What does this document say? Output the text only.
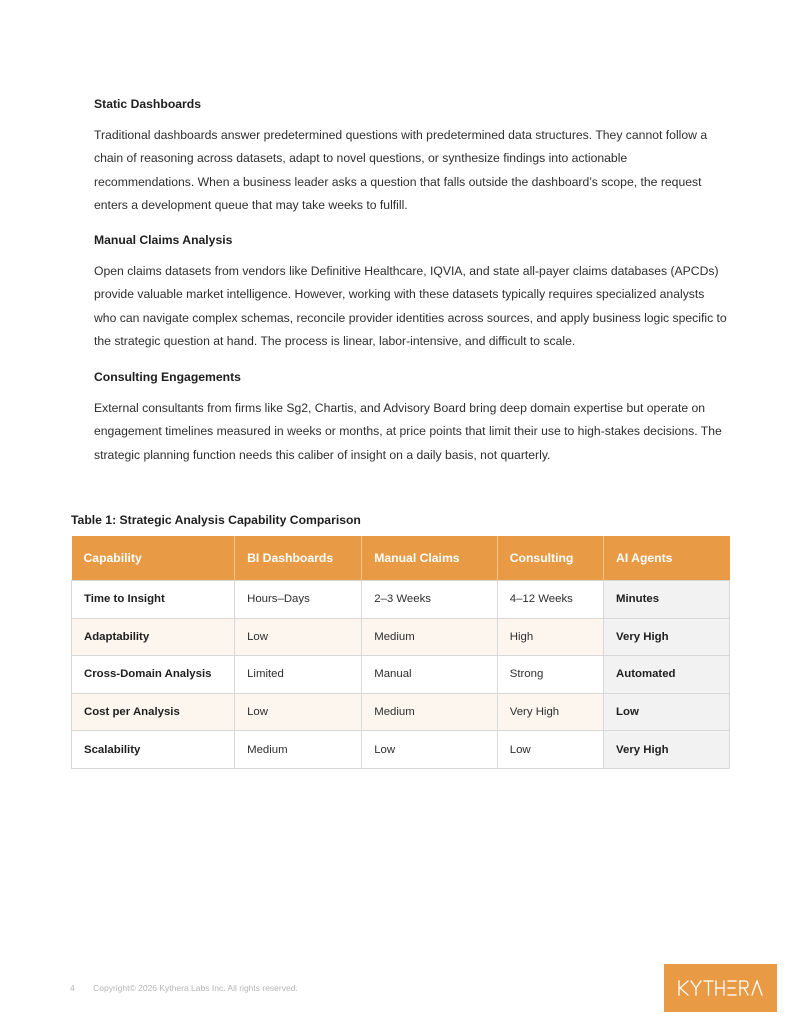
Static Dashboards

Traditional dashboards answer predetermined questions with predetermined data structures. They cannot follow a chain of reasoning across datasets, adapt to novel questions, or synthesize findings into actionable recommendations. When a business leader asks a question that falls outside the dashboard’s scope, the request enters a development queue that may take weeks to fulfill.

Manual Claims Analysis

Open claims datasets from vendors like Definitive Healthcare, IQVIA, and state all-payer claims databases (APCDs) provide valuable market intelligence. However, working with these datasets typically requires specialized analysts who can navigate complex schemas, reconcile provider identities across sources, and apply business logic specific to the strategic question at hand. The process is linear, labor-intensive, and difficult to scale.

Consulting Engagements

External consultants from firms like Sg2, Chartis, and Advisory Board bring deep domain expertise but operate on engagement timelines measured in weeks or months, at price points that limit their use to high-stakes decisions. The strategic planning function needs this caliber of insight on a daily basis, not quarterly.

Table 1: Strategic Analysis Capability Comparison
Capability	BI Dashboards	Manual Claims	Consulting	AI Agents
Time to Insight	Hours–Days	2–3 Weeks	4–12 Weeks	Minutes
Adaptability	Low	Medium	High	Very High
Cross-Domain Analysis	Limited	Manual	Strong	Automated
Cost per Analysis	Low	Medium	Very High	Low
Scalability	Medium	Low	Low	Very High
4 Copyright© 2026 Kythera Labs Inc. All rights reserved.
